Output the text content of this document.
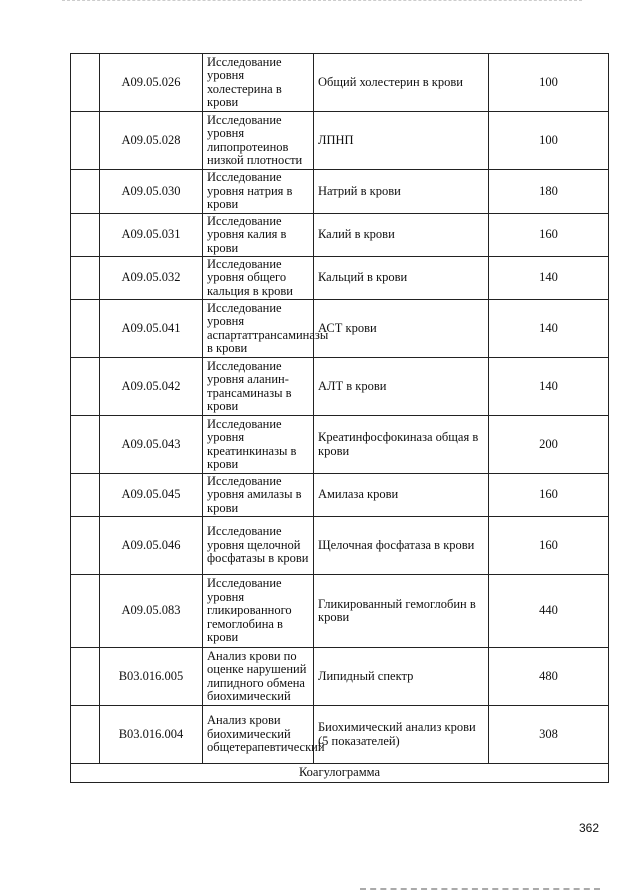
	A09.05.026	Исследование уровня холестерина в крови	Общий холестерин в крови	100
	A09.05.028	Исследование уровня липопротеинов низкой плотности	ЛПНП	100
	A09.05.030	Исследование уровня натрия в крови	Натрий в крови	180
	A09.05.031	Исследование уровня калия в крови	Калий в крови	160
	A09.05.032	Исследование уровня общего кальция в крови	Кальций в крови	140
	A09.05.041	Исследование уровня аспартаттрансаминазы в крови	АСТ крови	140
	A09.05.042	Исследование уровня аланин-трансаминазы в крови	АЛТ в крови	140
	A09.05.043	Исследование уровня креатинкиназы в крови	Креатинфосфокиназа общая в крови	200
	A09.05.045	Исследование уровня амилазы в крови	Амилаза крови	160
	A09.05.046	Исследование уровня щелочной фосфатазы в крови	Щелочная фосфатаза в крови	160
	A09.05.083	Исследование уровня гликированного гемоглобина в крови	Гликированный гемоглобин в крови	440
	B03.016.005	Анализ крови по оценке нарушений липидного обмена биохимический	Липидный спектр	480
	B03.016.004	Анализ крови биохимический общетерапевтический	Биохимический анализ крови (5 показателей)	308
Коагулограмма				
362
